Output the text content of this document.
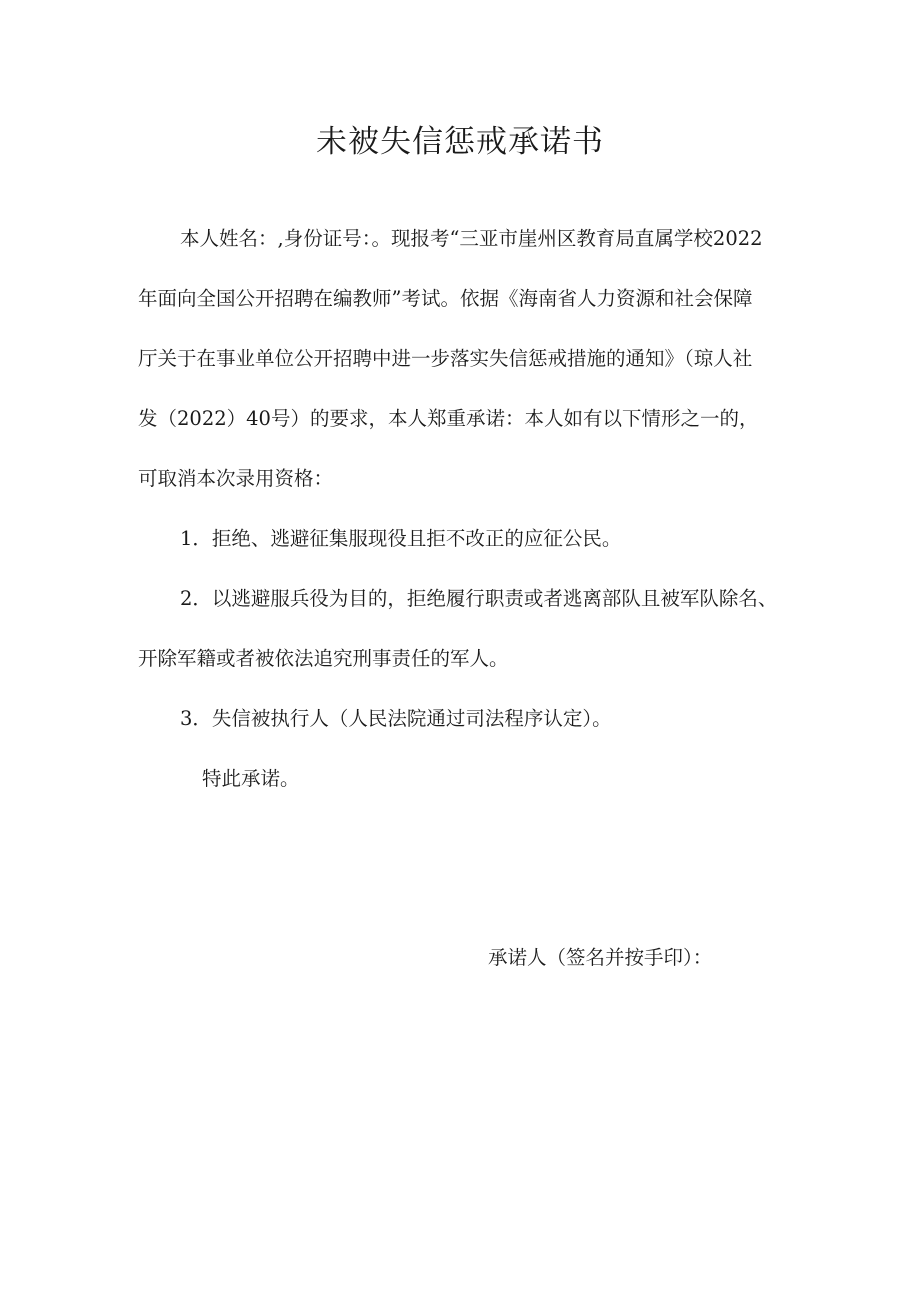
未被失信惩戒承诺书
本人姓名：,身份证号：。现报考“三亚市崖州区教育局直属学校2022
年面向全国公开招聘在编教师”考试。依据《海南省人力资源和社会保障
厅关于在事业单位公开招聘中进一步落实失信惩戒措施的通知》（琼人社
发（2022）40号）的要求，本人郑重承诺：本人如有以下情形之一的，
可取消本次录用资格：
1．拒绝、逃避征集服现役且拒不改正的应征公民。
2．以逃避服兵役为目的，拒绝履行职责或者逃离部队且被军队除名、
开除军籍或者被依法追究刑事责任的军人。
3．失信被执行人（人民法院通过司法程序认定）。
特此承诺。
承诺人（签名并按手印）：
